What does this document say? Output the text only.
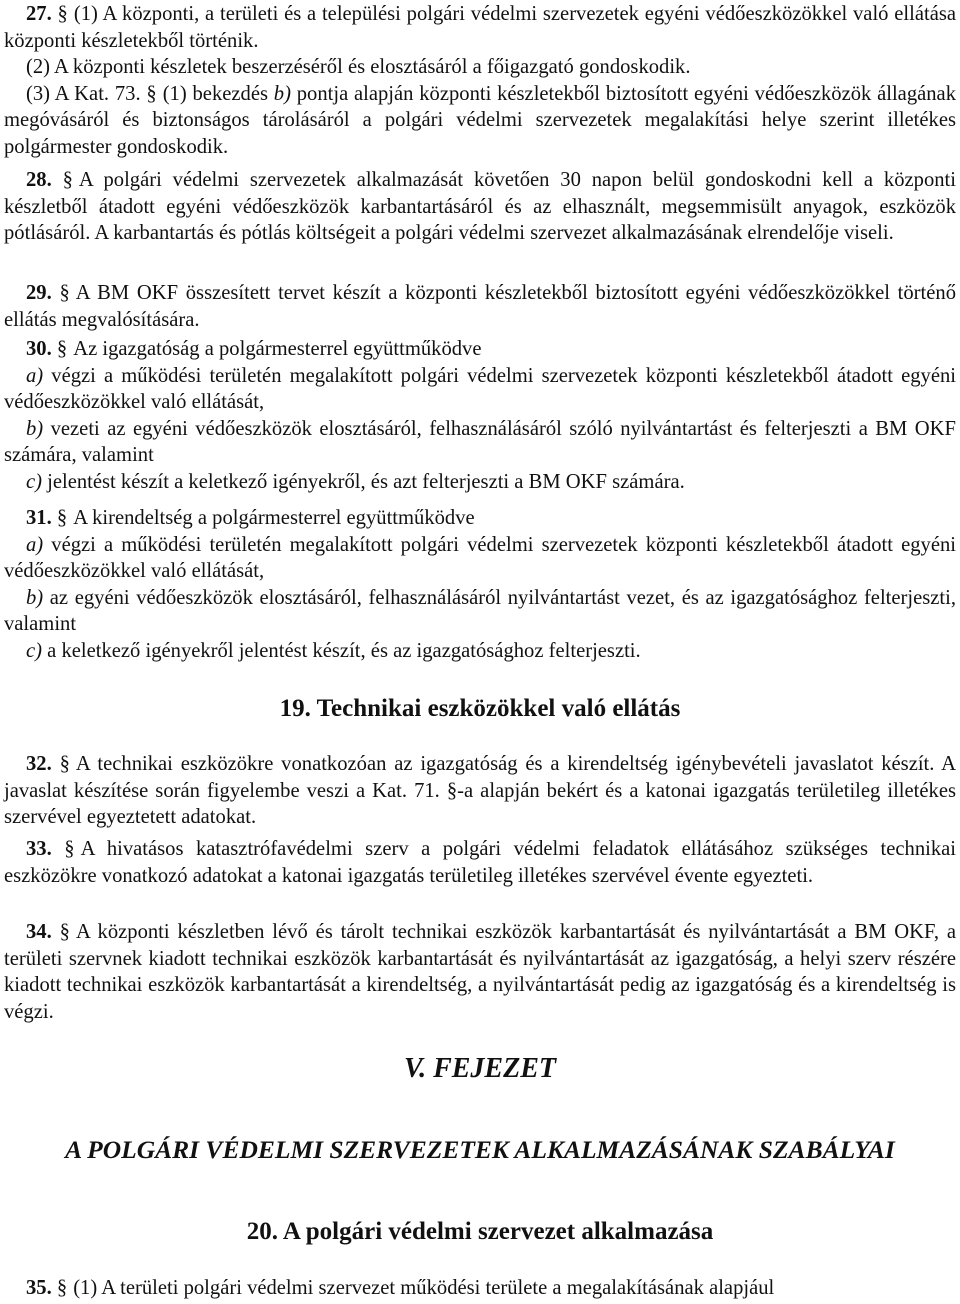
27. § (1) A központi, a területi és a települési polgári védelmi szervezetek egyéni védőeszközökkel való ellátása központi készletekből történik.

(2) A központi készletek beszerzéséről és elosztásáról a főigazgató gondoskodik.

(3) A Kat. 73. § (1) bekezdés b) pontja alapján központi készletekből biztosított egyéni védőeszközök állagának megóvásáról és biztonságos tárolásáról a polgári védelmi szervezetek megalakítási helye szerint illetékes polgármester gondoskodik.

28. § A polgári védelmi szervezetek alkalmazását követően 30 napon belül gondoskodni kell a központi készletből átadott egyéni védőeszközök karbantartásáról és az elhasznált, megsemmisült anyagok, eszközök pótlásáról. A karbantartás és pótlás költségeit a polgári védelmi szervezet alkalmazásának elrendelője viseli.

29. § A BM OKF összesített tervet készít a központi készletekből biztosított egyéni védőeszközökkel történő ellátás megvalósítására.

30. § Az igazgatóság a polgármesterrel együttműködve

a) végzi a működési területén megalakított polgári védelmi szervezetek központi készletekből átadott egyéni védőeszközökkel való ellátását,

b) vezeti az egyéni védőeszközök elosztásáról, felhasználásáról szóló nyilvántartást és felterjeszti a BM OKF számára, valamint

c) jelentést készít a keletkező igényekről, és azt felterjeszti a BM OKF számára.

31. § A kirendeltség a polgármesterrel együttműködve

a) végzi a működési területén megalakított polgári védelmi szervezetek központi készletekből átadott egyéni védőeszközökkel való ellátását,

b) az egyéni védőeszközök elosztásáról, felhasználásáról nyilvántartást vezet, és az igazgatósághoz felterjeszti, valamint

c) a keletkező igényekről jelentést készít, és az igazgatósághoz felterjeszti.

19. Technikai eszközökkel való ellátás

32. § A technikai eszközökre vonatkozóan az igazgatóság és a kirendeltség igénybevételi javaslatot készít. A javaslat készítése során figyelembe veszi a Kat. 71. §-a alapján bekért és a katonai igazgatás területileg illetékes szervével egyeztetett adatokat.

33. § A hivatásos katasztrófavédelmi szerv a polgári védelmi feladatok ellátásához szükséges technikai eszközökre vonatkozó adatokat a katonai igazgatás területileg illetékes szervével évente egyezteti.

34. § A központi készletben lévő és tárolt technikai eszközök karbantartását és nyilvántartását a BM OKF, a területi szervnek kiadott technikai eszközök karbantartását és nyilvántartását az igazgatóság, a helyi szerv részére kiadott technikai eszközök karbantartását a kirendeltség, a nyilvántartását pedig az igazgatóság és a kirendeltség is végzi.

V. FEJEZET
A POLGÁRI VÉDELMI SZERVEZETEK ALKALMAZÁSÁNAK SZABÁLYAI
20. A polgári védelmi szervezet alkalmazása

35. § (1) A területi polgári védelmi szervezet működési területe a megalakításának alapjául
